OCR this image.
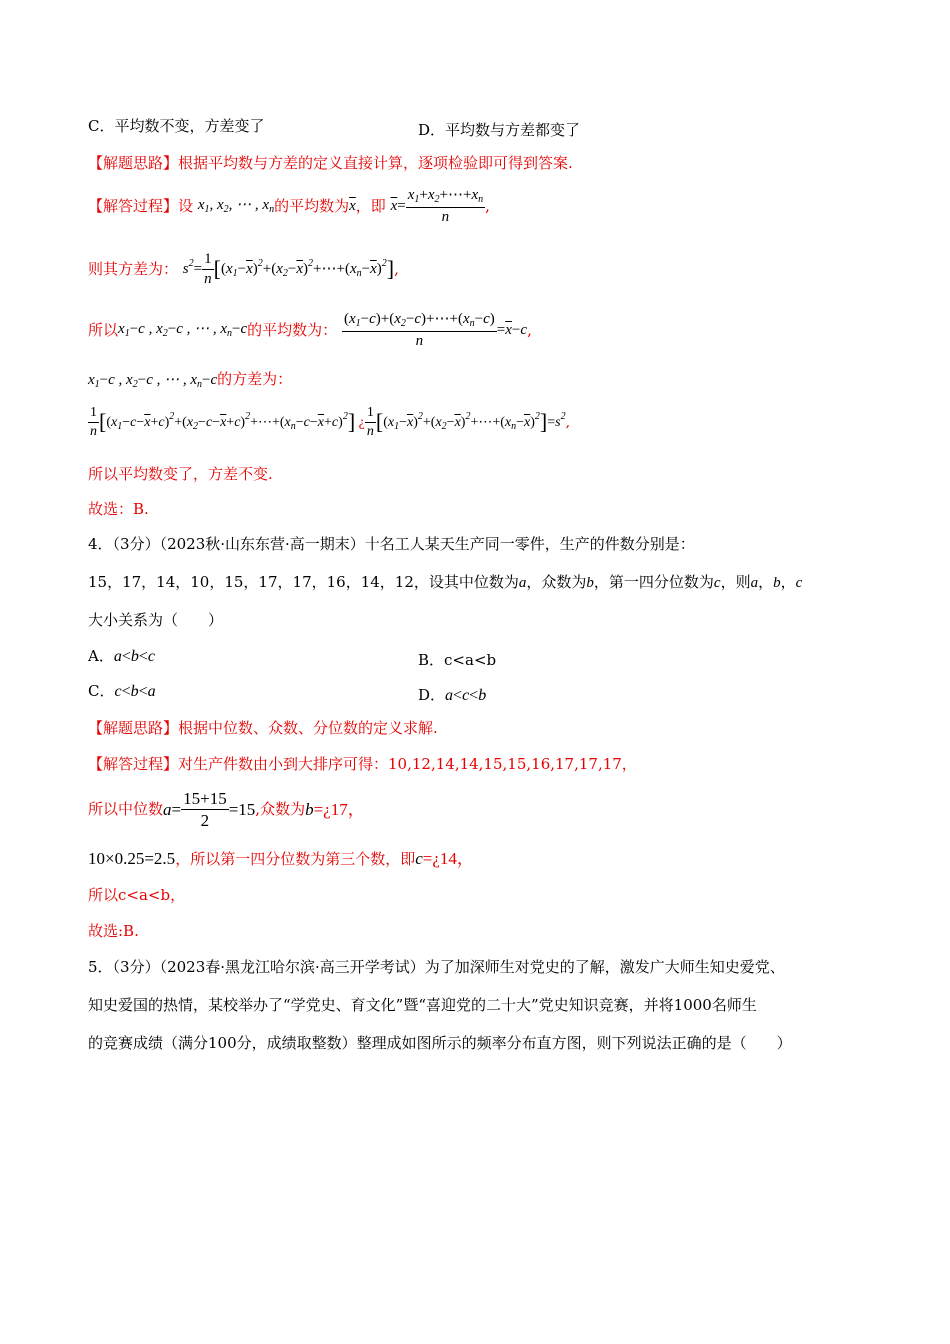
C．平均数不变，方差变了	D．平均数与方差都变了
【解题思路】根据平均数与方差的定义直接计算，逐项检验即可得到答案.
【解答过程】设 $x_1$, $x_2$, ⋯ , $x_n$的平均数为$\overline{x}$，即 $\overline{x}= \frac{x_1+x_2+\cdots+x_n}{n}$ ,
则其方差为： $s^2= \frac{1}{n}$ $[(x_1-\overline{x})^2+(x_2-\overline{x})^2+\cdots+(x_n-\overline{x})^2]$,
所以$x_1-c$ , $x_2-c$ , ⋯ , $x_n-c$的平均数为： $\frac{(x_1-c)+(x_2-c)+\cdots+(x_n-c)}{n} =\overline{x}-c$,
$x_1-c$ , $x_2-c$ , ⋯ , $x_n-c$的方差为：
$\frac{1}{n}$ $[(x_1-c-\overline{x}+c)^2+(x_2-c-\overline{x}+c)^2+\cdots+(x_n-c-\overline{x}+c)^2]$ ¿ $\frac{1}{n}$ $[(x_1-\overline{x})^2+(x_2-\overline{x})^2+\cdots+(x_n-\overline{x})^2]=s^2$,
所以平均数变了，方差不变.
故选：B.
4．（3分）（2023秋·山东东营·高一期末）十名工人某天生产同一零件，生产的件数分别是：
15，17，14，10，15，17，17，16，14，12，设其中位数为a，众数为b，第一四分位数为c，则a，b，c
大小关系为（　　）
A．a<b<c	B．c<a<b
C．c<b<a	D．a<c<b
【解题思路】根据中位数、众数、分位数的定义求解.
【解答过程】对生产件数由小到大排序可得：10,12,14,14,15,15,16,17,17,17，
所以中位数$a= \frac{15+15}{2} =15$,众数为b=¿17，
10×0.25=2.5，所以第一四分位数为第三个数，即c=¿14，
所以c<a<b，
故选:B.
5．（3分）（2023春·黑龙江哈尔滨·高三开学考试）为了加深师生对党史的了解，激发广大师生知史爱党、
知史爱国的热情，某校举办了“学党史、育文化”暨“喜迎党的二十大”党史知识竞赛，并将1000名师生
的竞赛成绩（满分100分，成绩取整数）整理成如图所示的频率分布直方图，则下列说法正确的是（　　）
